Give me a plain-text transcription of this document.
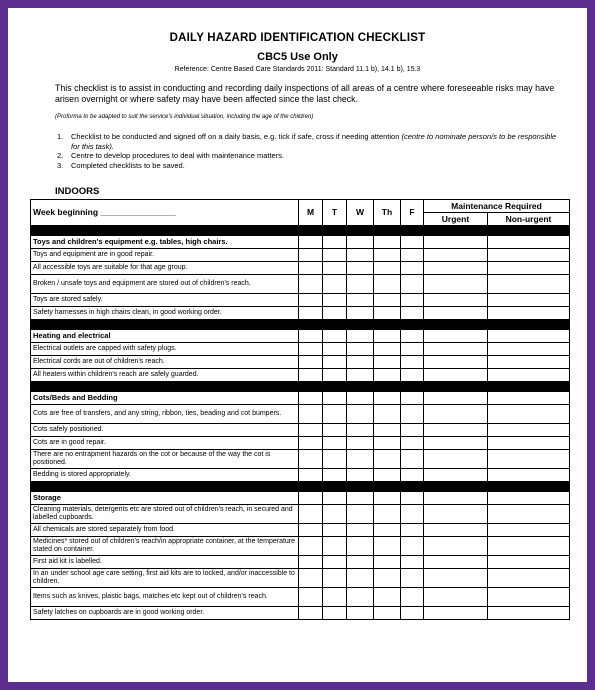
DAILY HAZARD IDENTIFICATION CHECKLIST
CBC5 Use Only
Reference: Centre Based Care Standards 2011: Standard 11.1 b), 14.1 b), 15.3
This checklist is to assist in conducting and recording daily inspections of all areas of a centre where foreseeable risks may have arisen overnight or where safety may have been affected since the last check.
(Proforma to be adapted to suit the service's individual situation, including the age of the children)
1. Checklist to be conducted and signed off on a daily basis, e.g. tick if safe, cross if needing attention (centre to nominate person/s to be responsible for this task).
2. Centre to develop procedures to deal with maintenance matters.
3. Completed checklists to be saved.
INDOORS
Week beginning ________________	M	T	W	Th	F	Maintenance Required	
						Urgent	Non-urgent

Toys and children's equipment e.g. tables, high chairs.							
Toys and equipment are in good repair.							
All accessible toys are suitable for that age group.							
Broken / unsafe toys and equipment are stored out of children's reach.							
Toys are stored safely.							
Safety harnesses in high chairs clean, in good working order.							

Heating and electrical							
Electrical outlets are capped with safety plugs.							
Electrical cords are out of children's reach.							
All heaters within children's reach are safely guarded.							

Cots/Beds and Bedding							
Cots are free of transfers, and any string, ribbon, ties, beading and cot bumpers.							
Cots safely positioned.							
Cots are in good repair.							
There are no entrapment hazards on the cot or because of the way the cot is positioned.							
Bedding is stored appropriately.							

Storage							
Cleaning materials, detergents etc are stored out of children's reach, in secured and labelled cupboards.							
All chemicals are stored separately from food.							
Medicines* stored out of children's reach/in appropriate container, at the temperature stated on container.							
First aid kit is labelled.							
In an under school age care setting, first aid kits are to locked, and/or inaccessible to children.							
Items such as knives, plastic bags, matches etc kept out of children's reach.							
Safety latches on cupboards are in good working order.							
